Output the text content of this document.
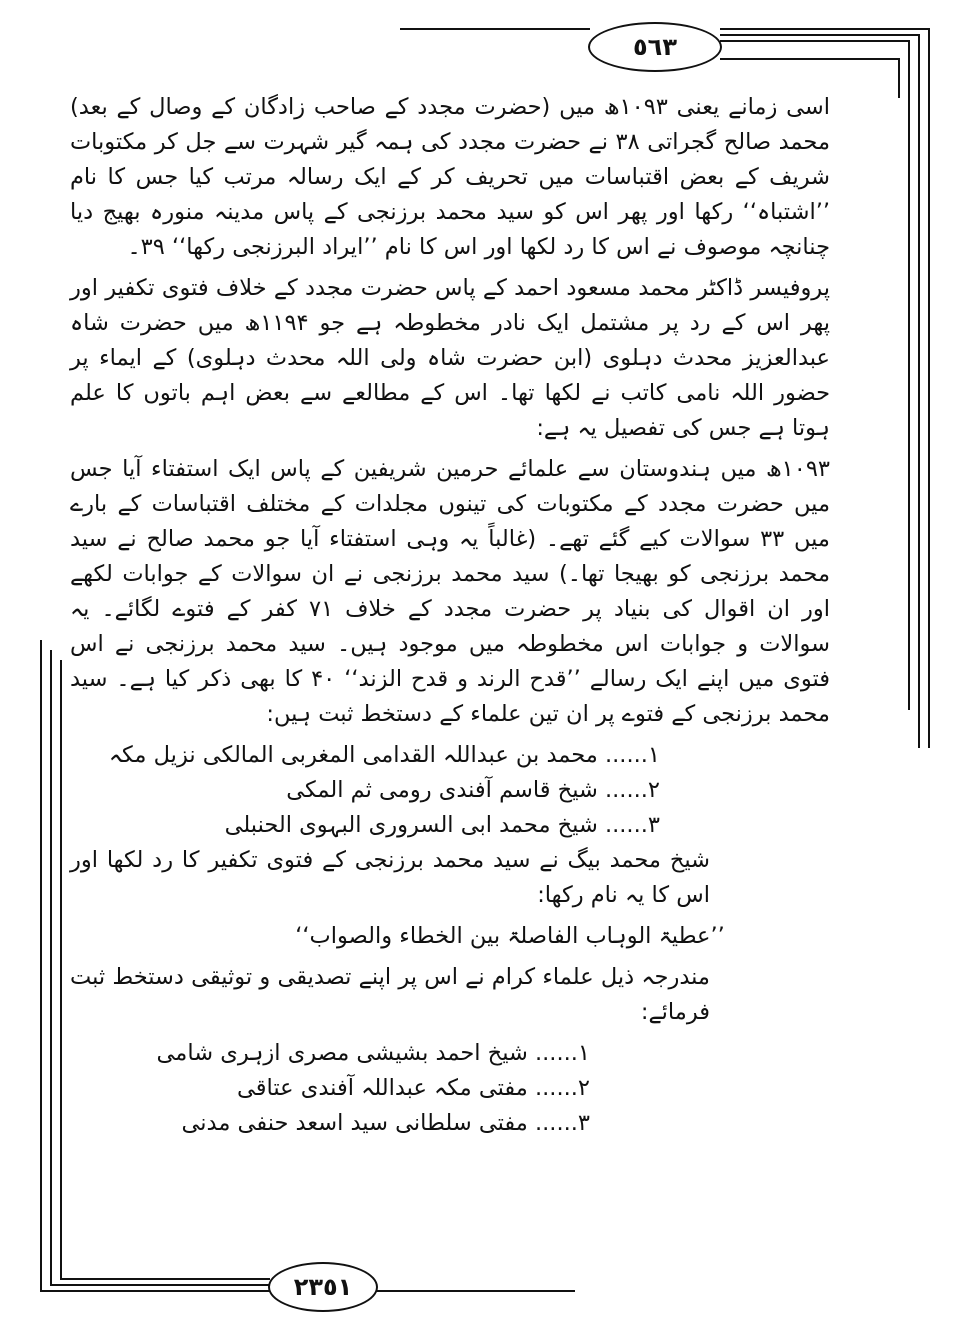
٥٦٣
٢٣٥١

اسی زمانے یعنی ۱۰۹۳ھ میں (حضرت مجدد کے صاحب زادگان کے وصال کے بعد) محمد صالح گجراتی ۳۸ نے حضرت مجدد کی ہمہ گیر شہرت سے جل کر مکتوبات شریف کے بعض اقتباسات میں تحریف کر کے ایک رسالہ مرتب کیا جس کا نام ’’اشتباہ‘‘ رکھا اور پھر اس کو سید محمد برزنجی کے پاس مدینہ منورہ بھیج دیا چنانچہ موصوف نے اس کا رد لکھا اور اس کا نام ’’ایراد البرزنجی رکھا‘‘ ۳۹۔

پروفیسر ڈاکٹر محمد مسعود احمد کے پاس حضرت مجدد کے خلاف فتوی تکفیر اور پھر اس کے رد پر مشتمل ایک نادر مخطوطہ ہے جو ۱۱۹۴ھ میں حضرت شاہ عبدالعزیز محدث دہلوی (ابن حضرت شاہ ولی اللہ محدث دہلوی) کے ایماء پر حضور اللہ نامی کاتب نے لکھا تھا۔ اس کے مطالعے سے بعض اہم باتوں کا علم ہوتا ہے جس کی تفصیل یہ ہے:

۱۰۹۳ھ میں ہندوستان سے علمائے حرمین شریفین کے پاس ایک استفتاء آیا جس میں حضرت مجدد کے مکتوبات کی تینوں مجلدات کے مختلف اقتباسات کے بارے میں ۳۳ سوالات کیے گئے تھے۔ (غالباً یہ وہی استفتاء آیا جو محمد صالح نے سید محمد برزنجی کو بھیجا تھا۔) سید محمد برزنجی نے ان سوالات کے جوابات لکھے اور ان اقوال کی بنیاد پر حضرت مجدد کے خلاف ۷۱ کفر کے فتوے لگائے۔ یہ سوالات و جوابات اس مخطوطہ میں موجود ہیں۔ سید محمد برزنجی نے اس فتوی میں اپنے ایک رسالے ’’قدح الرند و قدح الزند‘‘ ۴۰ کا بھی ذکر کیا ہے۔ سید محمد برزنجی کے فتوے پر ان تین علماء کے دستخط ثبت ہیں:

۱...... محمد بن عبداللہ القدامی المغربی المالکی نزیل مکہ
۲...... شیخ قاسم آفندی رومی ثم المکی
۳...... شیخ محمد ابی السروری البہوی الحنبلی

شیخ محمد بیگ نے سید محمد برزنجی کے فتوی تکفیر کا رد لکھا اور اس کا یہ نام رکھا:

’’عطیۃ الوہاب الفاصلۃ بین الخطاء والصواب‘‘

مندرجہ ذیل علماء کرام نے اس پر اپنے تصدیقی و توثیقی دستخط ثبت فرمائے:

۱...... شیخ احمد بشیشی مصری ازہری شامی
۲...... مفتی مکہ عبداللہ آفندی عتاقی
۳...... مفتی سلطانی سید اسعد حنفی مدنی
